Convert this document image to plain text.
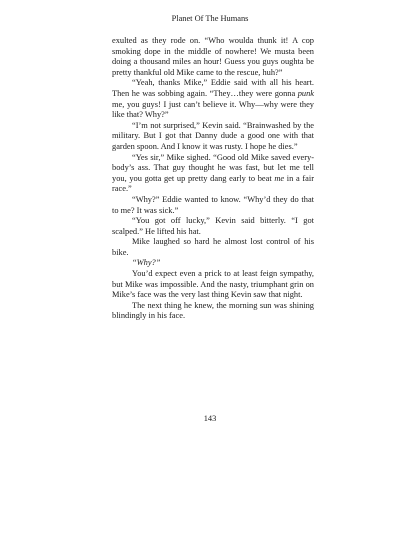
Planet Of The Humans

exulted as they rode on. “Who woulda thunk it! A cop smoking dope in the middle of nowhere! We musta been doing a thousand miles an hour! Guess you guys oughta be pretty thankful old Mike came to the rescue, huh?”

“Yeah, thanks Mike,” Eddie said with all his heart. Then he was sobbing again. “They…they were gonna punk me, you guys! I just can’t believe it. Why—why were they like that? Why?”

“I’m not surprised,” Kevin said. “Brainwashed by the military. But I got that Danny dude a good one with that garden spoon. And I know it was rusty. I hope he dies.”

“Yes sir,” Mike sighed. “Good old Mike saved every-body’s ass. That guy thought he was fast, but let me tell you, you gotta get up pretty dang early to beat me in a fair race.”

“Why?” Eddie wanted to know. “Why’d they do that to me? It was sick.”

“You got off lucky,” Kevin said bitterly. “I got scalped.” He lifted his hat.

Mike laughed so hard he almost lost control of his bike.

“Why?”

You’d expect even a prick to at least feign sympathy, but Mike was impossible. And the nasty, triumphant grin on Mike’s face was the very last thing Kevin saw that night.

The next thing he knew, the morning sun was shining blindingly in his face.

143
